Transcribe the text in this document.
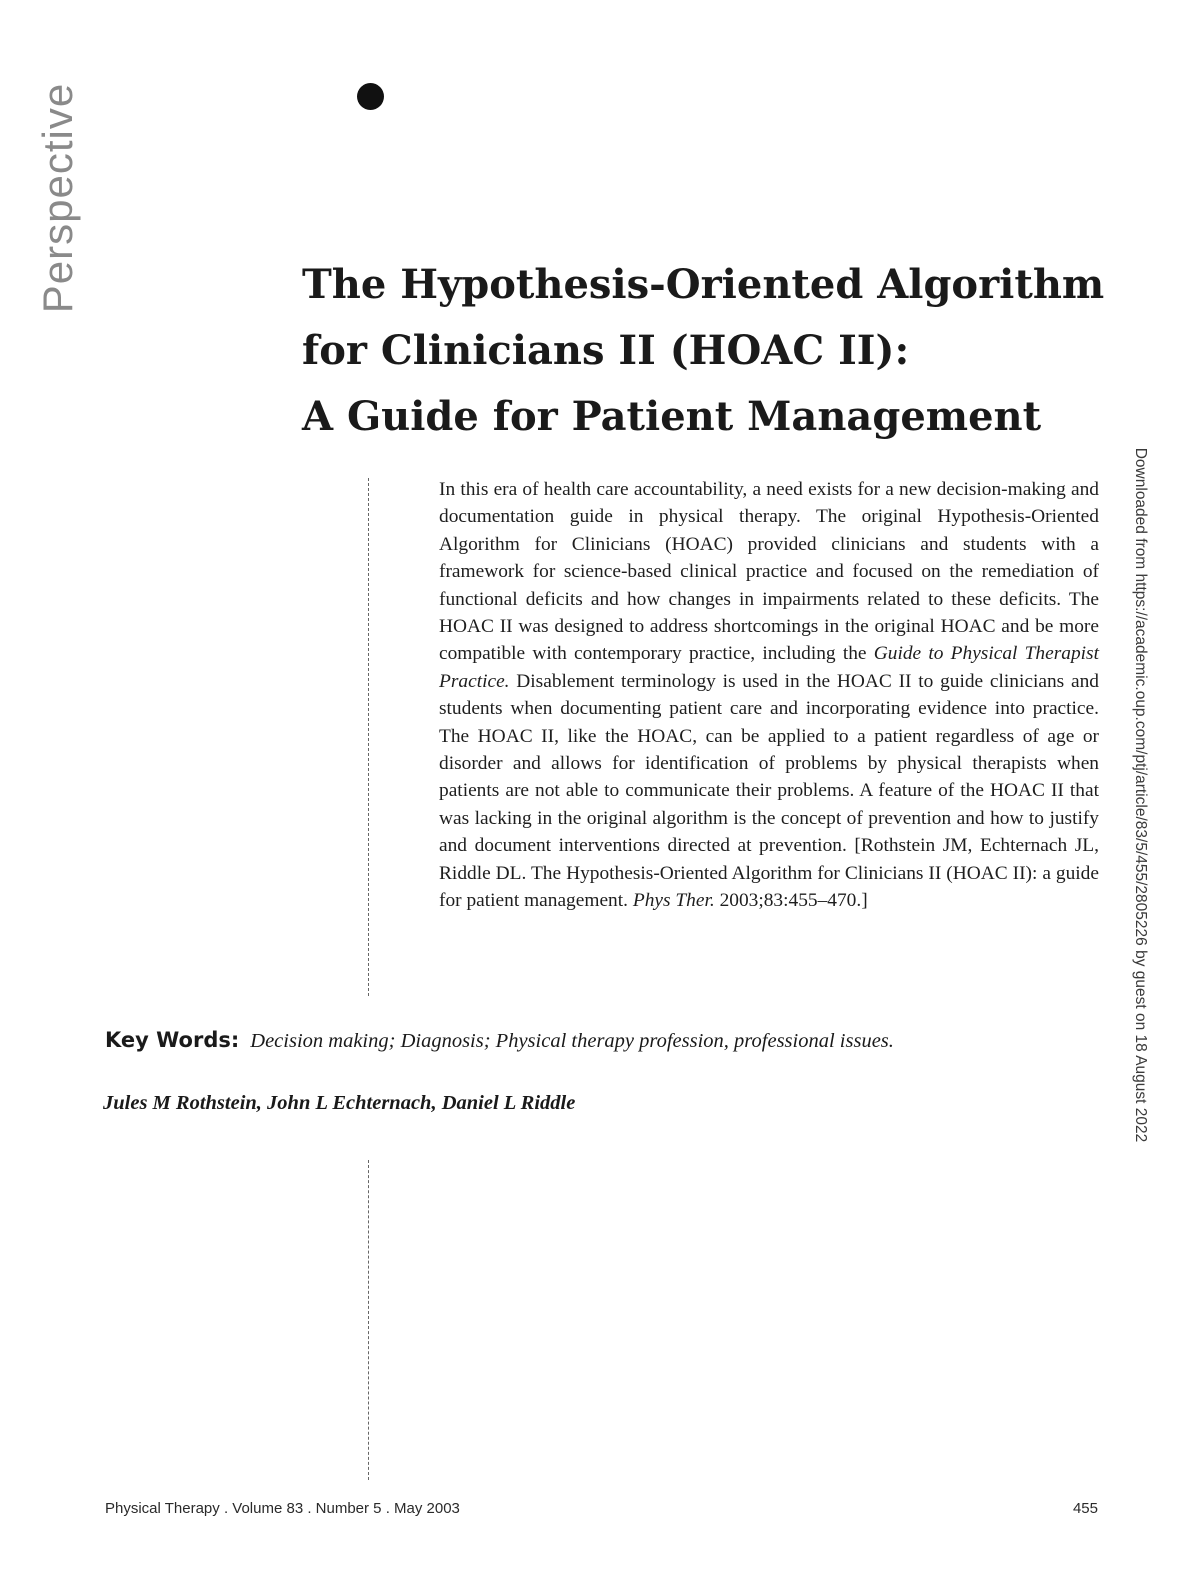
Perspective	The Hypothesis-Oriented Algorithm
for Clinicians II (HOAC II):
A Guide for Patient Management

In this era of health care accountability, a need exists for a new decision-making and documentation guide in physical therapy. The original Hypothesis-Oriented Algorithm for Clinicians (HOAC) provided clinicians and students with a framework for science-based clinical practice and focused on the remediation of functional deficits and how changes in impairments related to these deficits. The HOAC II was designed to address shortcomings in the original HOAC and be more compatible with contemporary practice, including the Guide to Physical Therapist Practice. Disablement terminology is used in the HOAC II to guide clinicians and students when documenting patient care and incorporating evidence into practice. The HOAC II, like the HOAC, can be applied to a patient regardless of age or disorder and allows for identification of problems by physical therapists when patients are not able to communicate their problems. A feature of the HOAC II that was lacking in the original algorithm is the concept of prevention and how to justify and document interventions directed at prevention. [Rothstein JM, Echternach JL, Riddle DL. The Hypothesis-Oriented Algorithm for Clinicians II (HOAC II): a guide for patient management. Phys Ther. 2003;83:455–470.]

Key Words: Decision making; Diagnosis; Physical therapy profession, professional issues.
Jules M Rothstein, John L Echternach, Daniel L Riddle	Downloaded from https://academic.oup.com/ptj/article/83/5/455/2805226 by guest on 18 August 2022
Physical Therapy . Volume 83 . Number 5 . May 2003	455
